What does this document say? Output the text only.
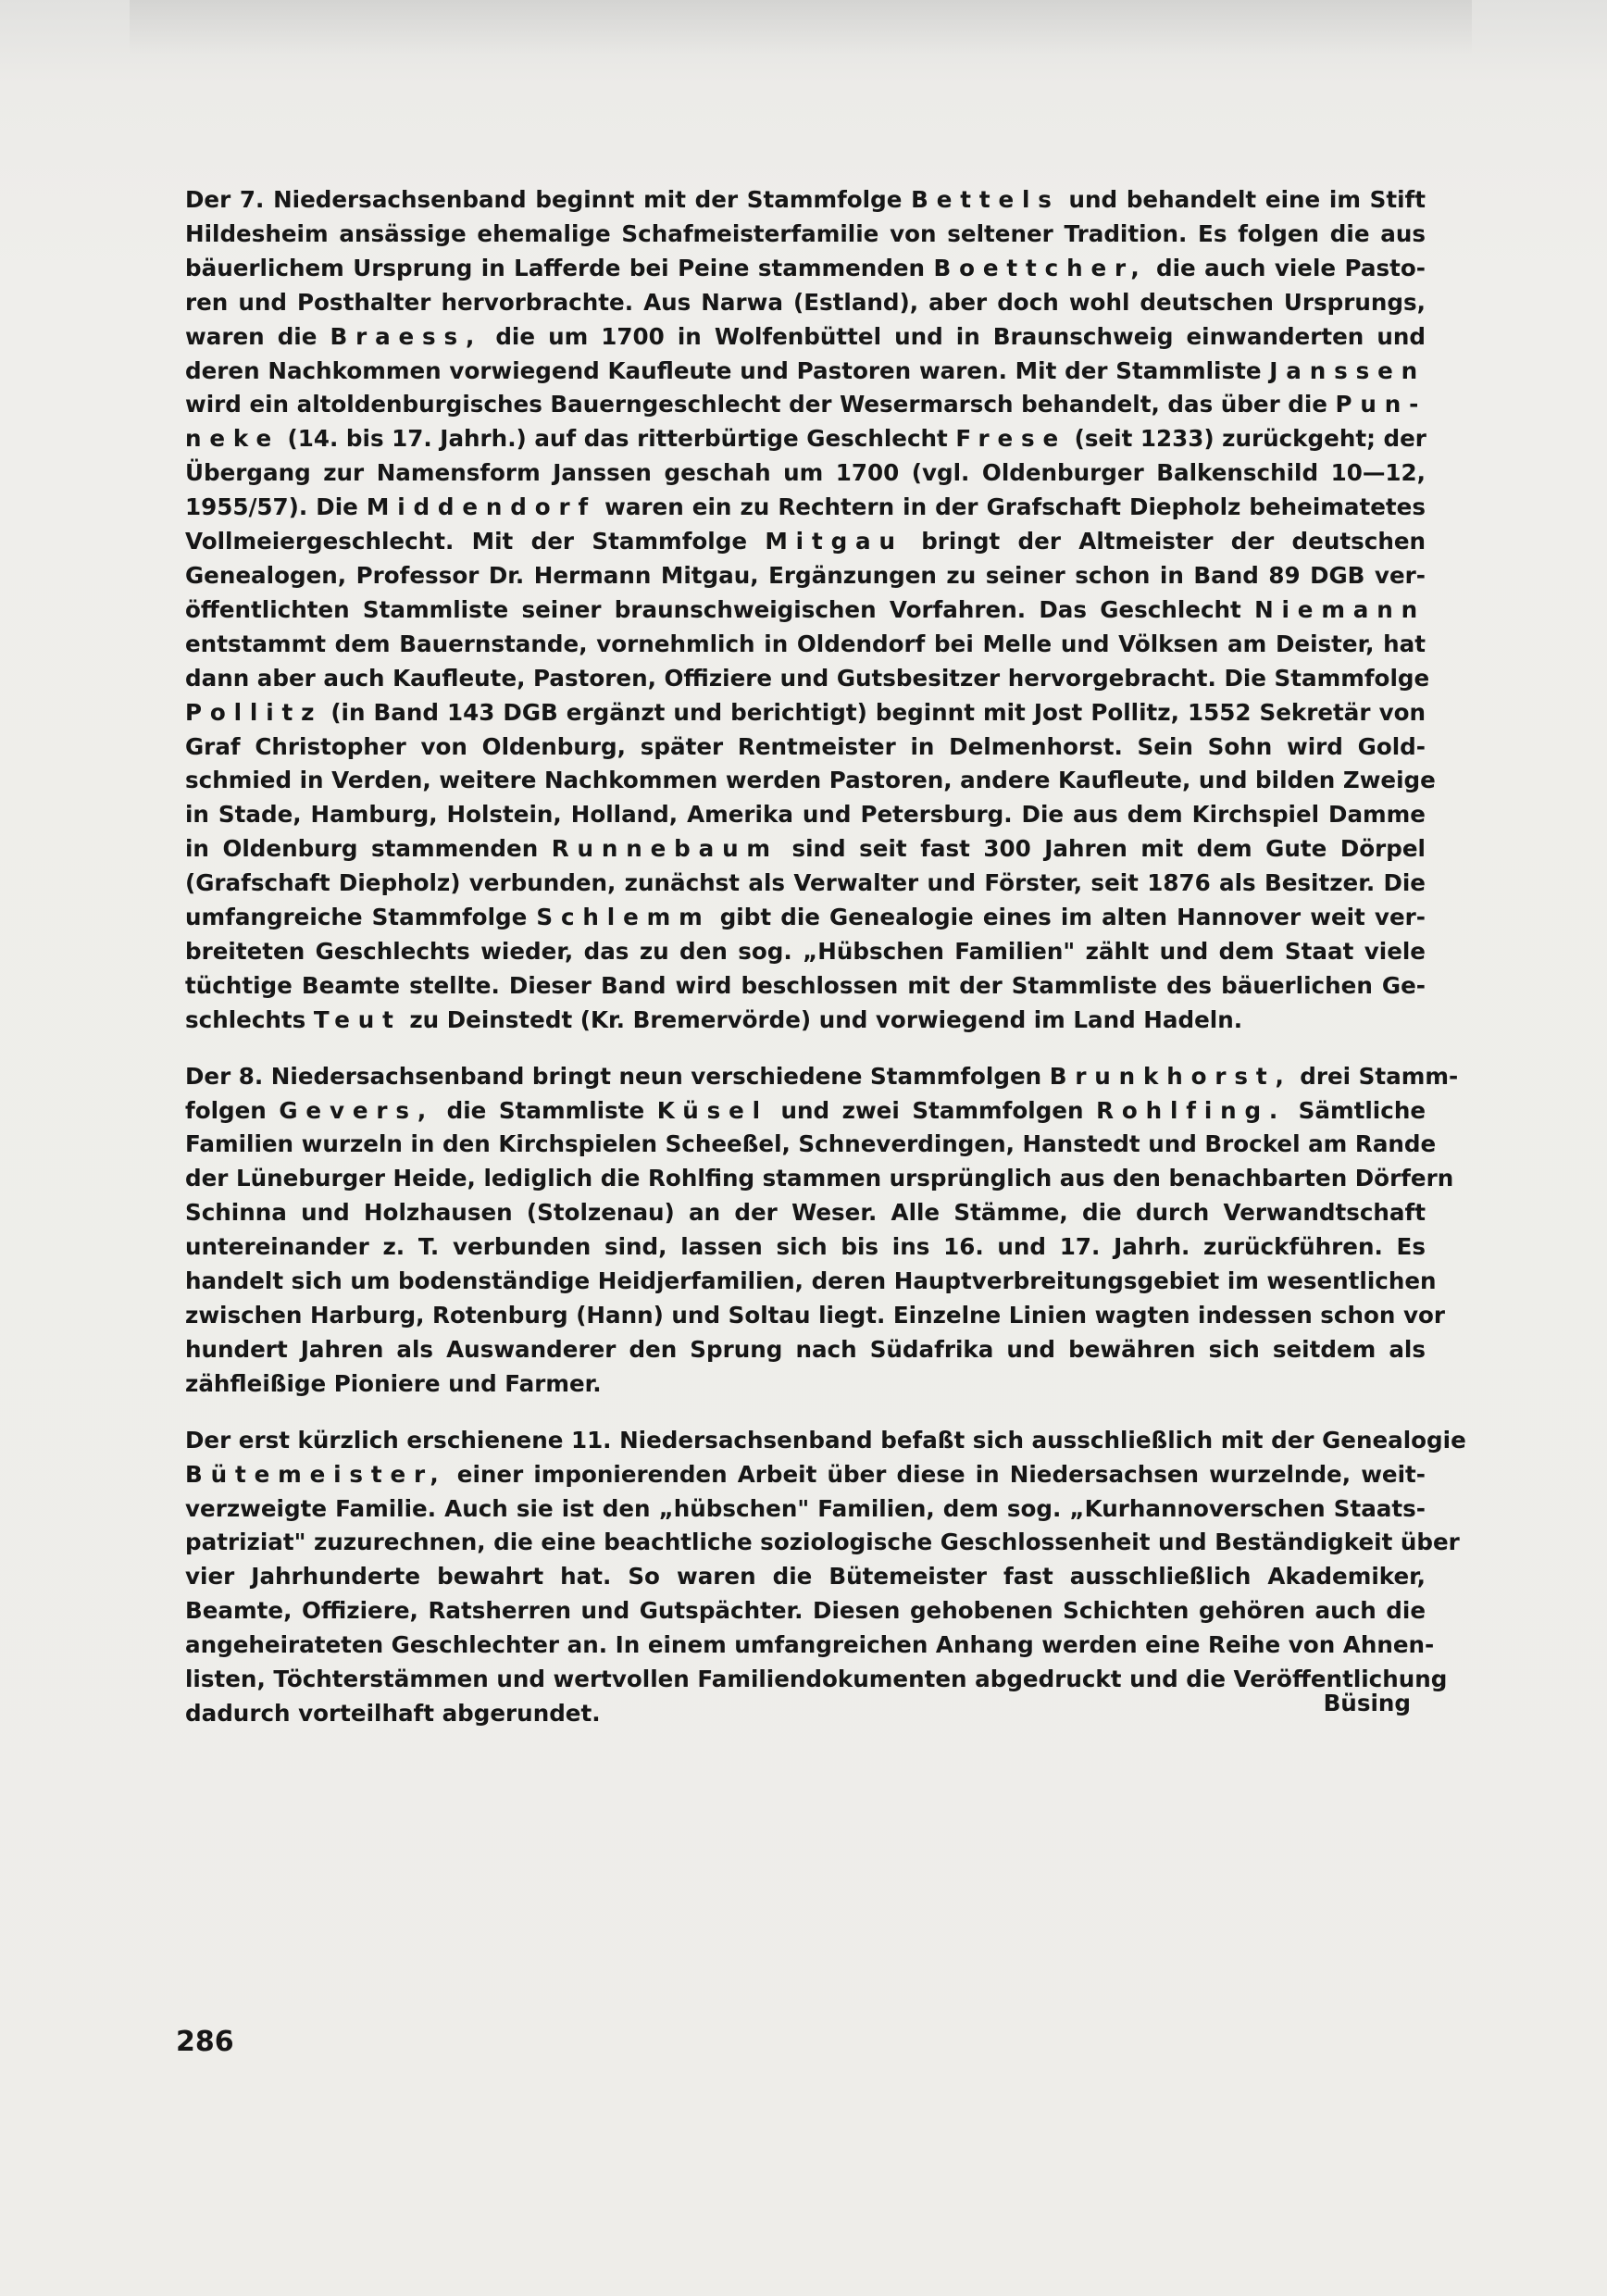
Der 7. Niedersachsenband beginnt mit der Stammfolge Bettels und behandelt eine im Stift
Hildesheim ansässige ehemalige Schafmeisterfamilie von seltener Tradition. Es folgen die aus
bäuerlichem Ursprung in Lafferde bei Peine stammenden Boettcher, die auch viele Pasto-
ren und Posthalter hervorbrachte. Aus Narwa (Estland), aber doch wohl deutschen Ursprungs,
waren die Braess, die um 1700 in Wolfenbüttel und in Braunschweig einwanderten und
deren Nachkommen vorwiegend Kaufleute und Pastoren waren. Mit der Stammliste Janssen
wird ein altoldenburgisches Bauerngeschlecht der Wesermarsch behandelt, das über die Pun-
neke (14. bis 17. Jahrh.) auf das ritterbürtige Geschlecht Frese (seit 1233) zurückgeht; der
Übergang zur Namensform Janssen geschah um 1700 (vgl. Oldenburger Balkenschild 10—12,
1955/57). Die Middendorf waren ein zu Rechtern in der Grafschaft Diepholz beheimatetes
Vollmeiergeschlecht. Mit der Stammfolge Mitgau bringt der Altmeister der deutschen
Genealogen, Professor Dr. Hermann Mitgau, Ergänzungen zu seiner schon in Band 89 DGB ver-
öffentlichten Stammliste seiner braunschweigischen Vorfahren. Das Geschlecht Niemann
entstammt dem Bauernstande, vornehmlich in Oldendorf bei Melle und Völksen am Deister, hat
dann aber auch Kaufleute, Pastoren, Offiziere und Gutsbesitzer hervorgebracht. Die Stammfolge
Pollitz (in Band 143 DGB ergänzt und berichtigt) beginnt mit Jost Pollitz, 1552 Sekretär von
Graf Christopher von Oldenburg, später Rentmeister in Delmenhorst. Sein Sohn wird Gold-
schmied in Verden, weitere Nachkommen werden Pastoren, andere Kaufleute, und bilden Zweige
in Stade, Hamburg, Holstein, Holland, Amerika und Petersburg. Die aus dem Kirchspiel Damme
in Oldenburg stammenden Runnebaum sind seit fast 300 Jahren mit dem Gute Dörpel
(Grafschaft Diepholz) verbunden, zunächst als Verwalter und Förster, seit 1876 als Besitzer. Die
umfangreiche Stammfolge Schlemm gibt die Genealogie eines im alten Hannover weit ver-
breiteten Geschlechts wieder, das zu den sog. „Hübschen Familien" zählt und dem Staat viele
tüchtige Beamte stellte. Dieser Band wird beschlossen mit der Stammliste des bäuerlichen Ge-
schlechts Teut zu Deinstedt (Kr. Bremervörde) und vorwiegend im Land Hadeln.

Der 8. Niedersachsenband bringt neun verschiedene Stammfolgen Brunkhorst, drei Stamm-
folgen Gevers, die Stammliste Küsel und zwei Stammfolgen Rohlfing. Sämtliche
Familien wurzeln in den Kirchspielen Scheeßel, Schneverdingen, Hanstedt und Brockel am Rande
der Lüneburger Heide, lediglich die Rohlfing stammen ursprünglich aus den benachbarten Dörfern
Schinna und Holzhausen (Stolzenau) an der Weser. Alle Stämme, die durch Verwandtschaft
untereinander z. T. verbunden sind, lassen sich bis ins 16. und 17. Jahrh. zurückführen. Es
handelt sich um bodenständige Heidjerfamilien, deren Hauptverbreitungsgebiet im wesentlichen
zwischen Harburg, Rotenburg (Hann) und Soltau liegt. Einzelne Linien wagten indessen schon vor
hundert Jahren als Auswanderer den Sprung nach Südafrika und bewähren sich seitdem als
zähfleißige Pioniere und Farmer.

Der erst kürzlich erschienene 11. Niedersachsenband befaßt sich ausschließlich mit der Genealogie
Bütemeister, einer imponierenden Arbeit über diese in Niedersachsen wurzelnde, weit-
verzweigte Familie. Auch sie ist den „hübschen" Familien, dem sog. „Kurhannoverschen Staats-
patriziat" zuzurechnen, die eine beachtliche soziologische Geschlossenheit und Beständigkeit über
vier Jahrhunderte bewahrt hat. So waren die Bütemeister fast ausschließlich Akademiker,
Beamte, Offiziere, Ratsherren und Gutspächter. Diesen gehobenen Schichten gehören auch die
angeheirateten Geschlechter an. In einem umfangreichen Anhang werden eine Reihe von Ahnen-
listen, Töchterstämmen und wertvollen Familiendokumenten abgedruckt und die Veröffentlichung
dadurch vorteilhaft abgerundet.	Büsing
286
